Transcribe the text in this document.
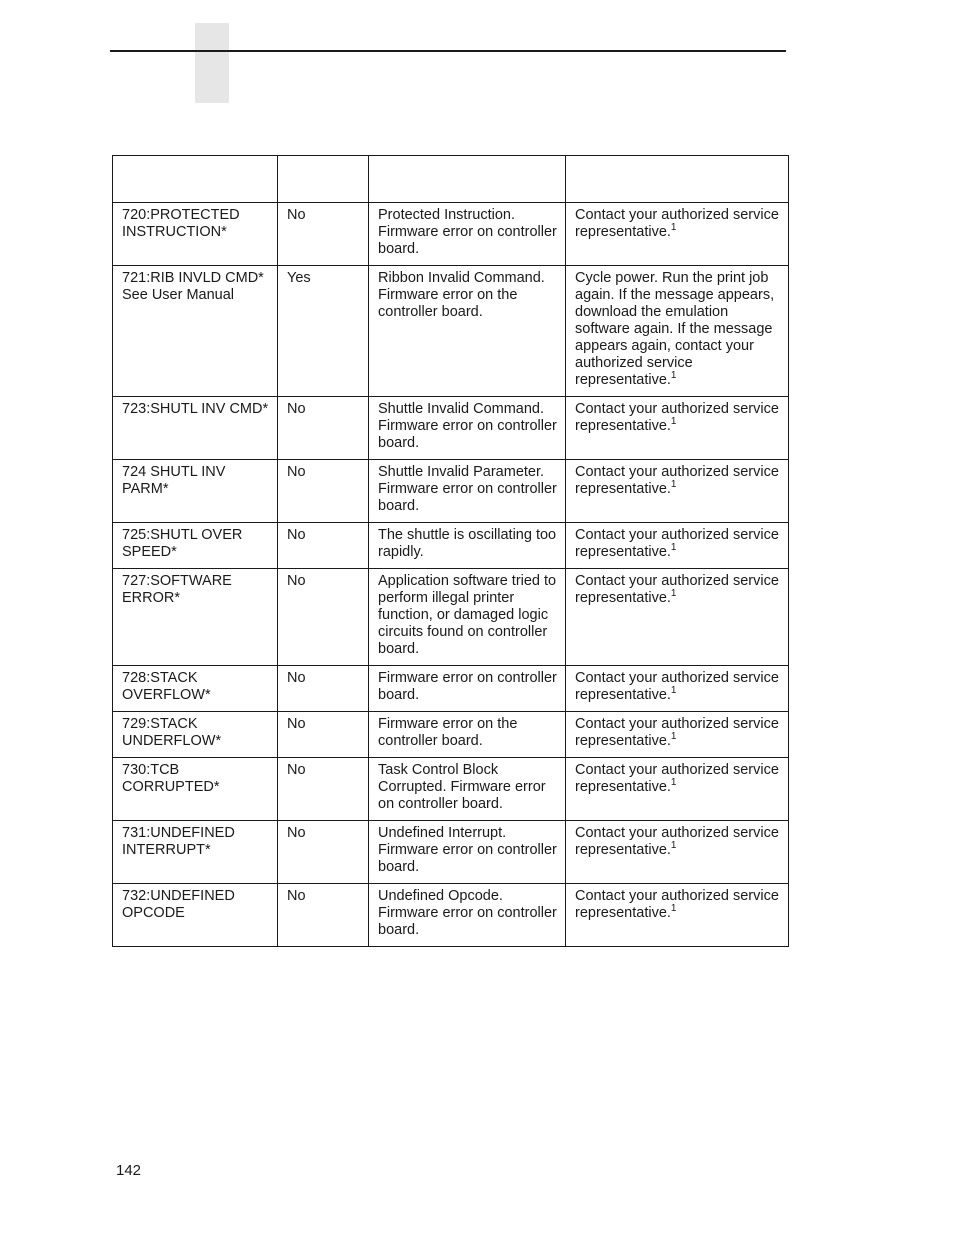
720:PROTECTED INSTRUCTION*	No	Protected Instruction. Firmware error on controller board.	Contact your authorized service representative.$^1$
721:RIB INVLD CMD* See User Manual	Yes	Ribbon Invalid Command. Firmware error on the controller board.	Cycle power. Run the print job again. If the message appears, download the emulation software again. If the message appears again, contact your authorized service representative.$^1$
723:SHUTL INV CMD*	No	Shuttle Invalid Command. Firmware error on controller board.	Contact your authorized service representative.$^1$
724 SHUTL INV PARM*	No	Shuttle Invalid Parameter. Firmware error on controller board.	Contact your authorized service representative.$^1$
725:SHUTL OVER SPEED*	No	The shuttle is oscillating too rapidly.	Contact your authorized service representative.$^1$
727:SOFTWARE ERROR*	No	Application software tried to perform illegal printer function, or damaged logic circuits found on controller board.	Contact your authorized service representative.$^1$
728:STACK OVERFLOW*	No	Firmware error on controller board.	Contact your authorized service representative.$^1$
729:STACK UNDERFLOW*	No	Firmware error on the controller board.	Contact your authorized service representative.$^1$
730:TCB CORRUPTED*	No	Task Control Block Corrupted. Firmware error on controller board.	Contact your authorized service representative.$^1$
731:UNDEFINED INTERRUPT*	No	Undefined Interrupt. Firmware error on controller board.	Contact your authorized service representative.$^1$
732:UNDEFINED OPCODE	No	Undefined Opcode. Firmware error on controller board.	Contact your authorized service representative.$^1$
142
